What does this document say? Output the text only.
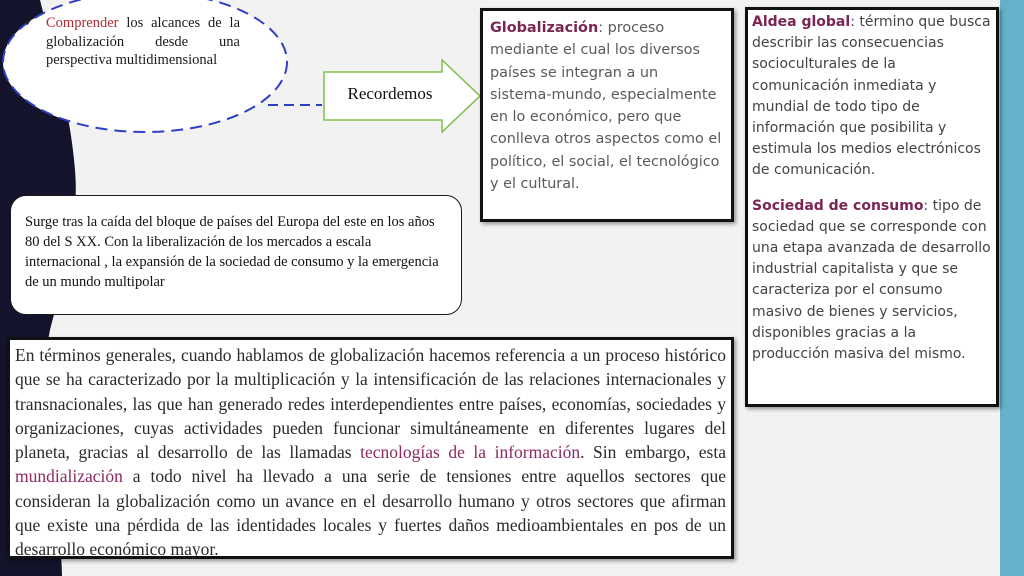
✓ Comprender los alcances de la globalización desde una perspectiva multidimensional
Recordemos
Surge tras la caída del bloque de países del Europa del este en los años 80 del S XX. Con la liberalización de los mercados a escala internacional , la expansión de la sociedad de consumo y la emergencia de un mundo multipolar
Globalización: proceso mediante el cual los diversos países se integran a un sistema-mundo, especialmente en lo económico, pero que conlleva otros aspectos como el político, el social, el tecnológico y el cultural.
Aldea global: término que busca describir las consecuencias socioculturales de la comunicación inmediata y mundial de todo tipo de información que posibilita y estimula los medios electrónicos de comunicación.
Sociedad de consumo: tipo de sociedad que se corresponde con una etapa avanzada de desarrollo industrial capitalista y que se caracteriza por el consumo masivo de bienes y servicios, disponibles gracias a la producción masiva del mismo.
En términos generales, cuando hablamos de globalización hacemos referencia a un proceso histórico que se ha caracterizado por la multiplicación y la intensificación de las relaciones internacionales y transnacionales, las que han generado redes interdependientes entre países, economías, sociedades y organizaciones, cuyas actividades pueden funcionar simultáneamente en diferentes lugares del planeta, gracias al desarrollo de las llamadas tecnologías de la información. Sin embargo, esta mundialización a todo nivel ha llevado a una serie de tensiones entre aquellos sectores que consideran la globalización como un avance en el desarrollo humano y otros sectores que afirman que existe una pérdida de las identidades locales y fuertes daños medioambientales en pos de un desarrollo económico mayor.
